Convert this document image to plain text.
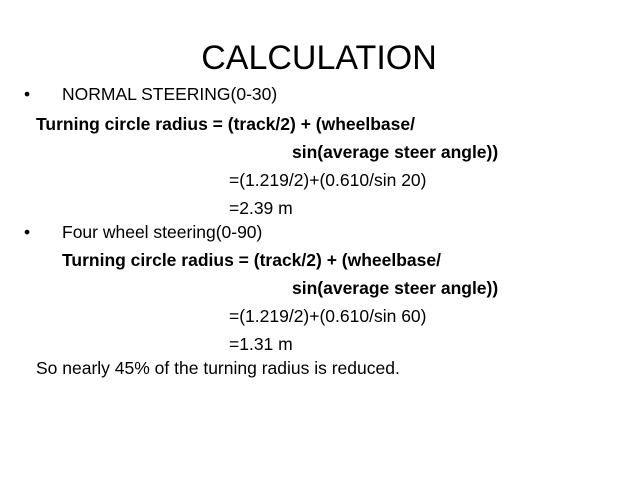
CALCULATION
• NORMAL STEERING(0-30)
Turning circle radius = (track/2) + (wheelbase/
sin(average steer angle))
=(1.219/2)+(0.610/sin 20)
=2.39 m
• Four wheel steering(0-90)
Turning circle radius = (track/2) + (wheelbase/
sin(average steer angle))
=(1.219/2)+(0.610/sin 60)
=1.31 m
So nearly 45% of the turning radius is reduced.
